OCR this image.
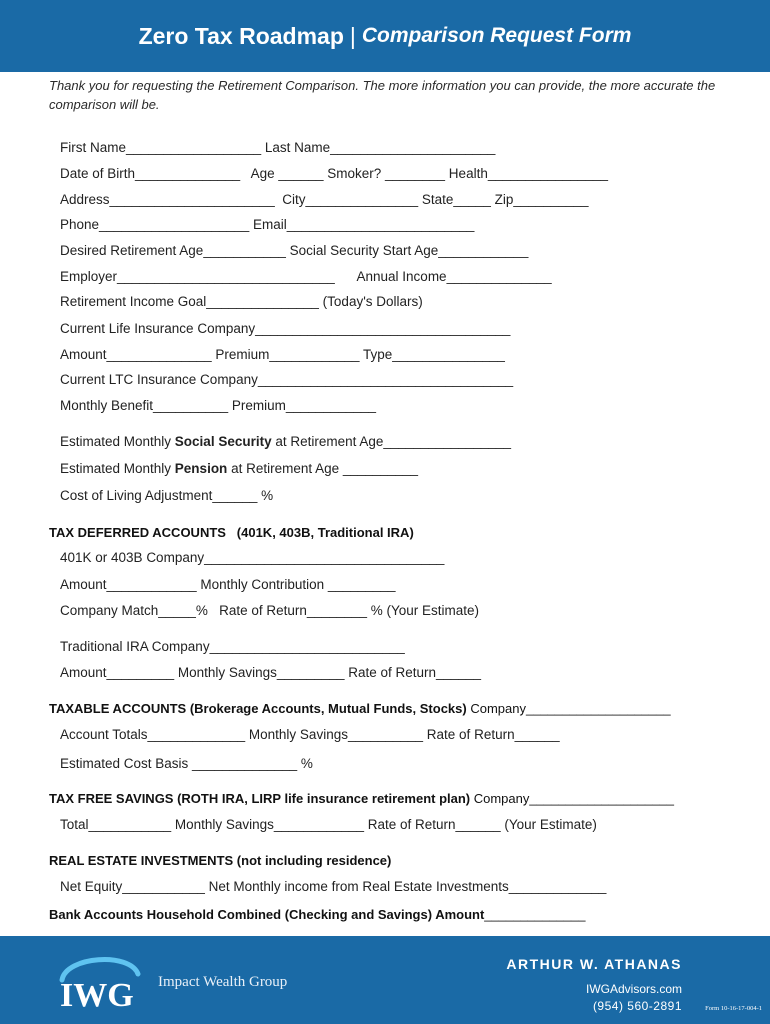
Zero Tax Roadmap | Comparison Request Form
Thank you for requesting the Retirement Comparison. The more information you can provide, the more accurate the comparison will be.
First Name__________________ Last Name______________________
Date of Birth______________   Age ______ Smoker? ________ Health________________
Address______________________  City_______________ State_____ Zip__________
Phone____________________ Email_________________________
Desired Retirement Age___________ Social Security Start Age____________
Employer_____________________________      Annual Income______________
Retirement Income Goal_______________ (Today's Dollars)
Current Life Insurance Company__________________________________
Amount______________ Premium____________ Type_______________
Current LTC Insurance Company__________________________________
Monthly Benefit__________ Premium____________
Estimated Monthly Social Security at Retirement Age_________________
Estimated Monthly Pension at Retirement Age __________
Cost of Living Adjustment______ %
TAX DEFERRED ACCOUNTS   (401K, 403B, Traditional IRA)
401K or 403B Company________________________________
Amount____________ Monthly Contribution _________
Company Match_____%   Rate of Return________ % (Your Estimate)
Traditional IRA Company__________________________
Amount_________ Monthly Savings_________ Rate of Return______
TAXABLE ACCOUNTS (Brokerage Accounts, Mutual Funds, Stocks) Company____________________
Account Totals_____________ Monthly Savings__________ Rate of Return______
Estimated Cost Basis ______________ %
TAX FREE SAVINGS (ROTH IRA, LIRP life insurance retirement plan) Company____________________
Total___________ Monthly Savings____________ Rate of Return______ (Your Estimate)
REAL ESTATE INVESTMENTS (not including residence)
Net Equity___________ Net Monthly income from Real Estate Investments_____________
Bank Accounts Household Combined (Checking and Savings) Amount______________
IWG Impact Wealth Group
ARTHUR W. ATHANAS
IWGAdvisors.com
(954) 560-2891	Form 10-16-17-004-1
